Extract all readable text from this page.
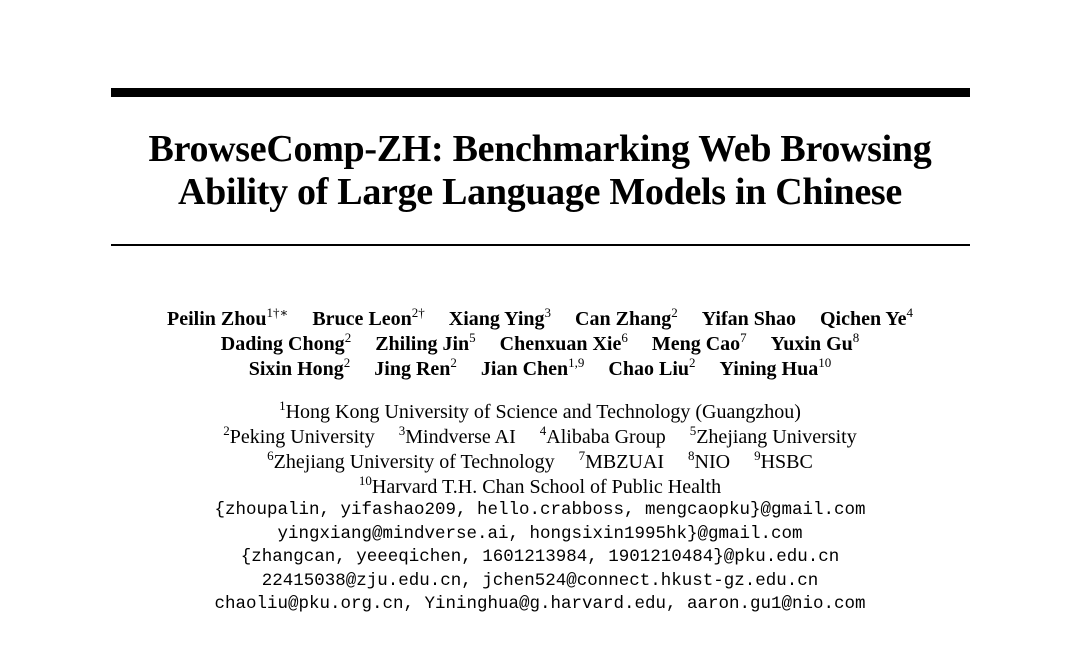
BrowseComp-ZH: Benchmarking Web Browsing
Ability of Large Language Models in Chinese
Peilin Zhou$^{1\dagger∗}$ Bruce Leon$^{2\dagger}$ Xiang Ying$^3$ Can Zhang$^2$ Yifan Shao Qichen Ye$^4$
Dading Chong$^2$ Zhiling Jin$^5$ Chenxuan Xie$^6$ Meng Cao$^7$ Yuxin Gu$^8$
Sixin Hong$^2$ Jing Ren$^2$ Jian Chen$^{1,9}$ Chao Liu$^2$ Yining Hua$^{10}$
$^1$Hong Kong University of Science and Technology (Guangzhou)
$^2$Peking University $^3$Mindverse AI $^4$Alibaba Group $^5$Zhejiang University
$^6$Zhejiang University of Technology $^7$MBZUAI $^8$NIO $^9$HSBC
$^{10}$Harvard T.H. Chan School of Public Health
{zhoupalin, yifashao209, hello.crabboss, mengcaopku}@gmail.com
yingxiang@mindverse.ai, hongsixin1995hk}@gmail.com
{zhangcan, yeeeqichen, 1601213984, 1901210484}@pku.edu.cn
22415038@zju.edu.cn, jchen524@connect.hkust-gz.edu.cn
chaoliu@pku.org.cn, Yininghua@g.harvard.edu, aaron.gu1@nio.com
